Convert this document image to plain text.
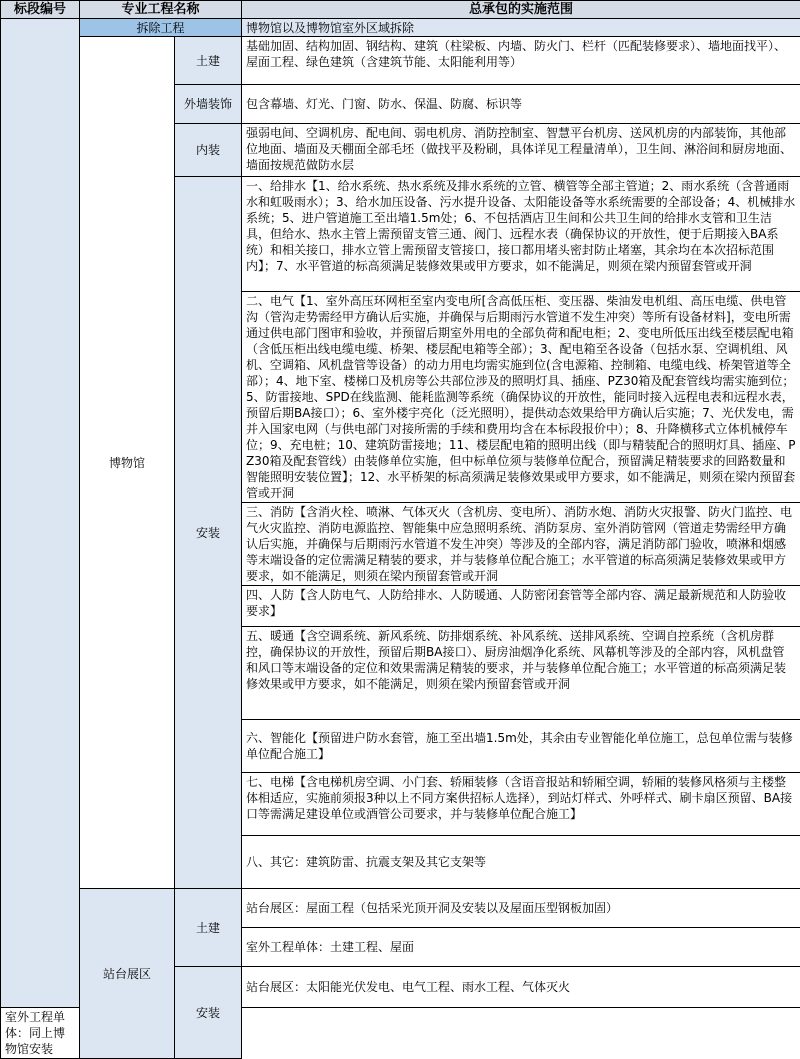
标段编号	专业工程名称		总承包的实施范围
	拆除工程		博物馆以及博物馆室外区域拆除
	博物馆	土建	基础加固、结构加固、钢结构、建筑（柱梁板、内墙、防火门、栏杆（匹配装修要求）、墙地面找平）、屋面工程、绿色建筑（含建筑节能、太阳能利用等）
		外墙装饰	包含幕墙、灯光、门窗、防水、保温、防腐、标识等
		内装	强弱电间、空调机房、配电间、弱电机房、消防控制室、智慧平台机房、送风机房的内部装饰，其他部位地面、墙面及天棚面全部毛坯（做找平及粉刷，具体详见工程量清单），卫生间、淋浴间和厨房地面、墙面按规范做防水层
		安装	一、给排水【1、给水系统、热水系统及排水系统的立管、横管等全部主管道；2、雨水系统（含普通雨水和虹吸雨水）；3、给水加压设备、污水提升设备、太阳能设备等水系统需要的全部设备；4、机械排水系统；5、进户管道施工至出墙1.5m处；6、不包括酒店卫生间和公共卫生间的给排水支管和卫生洁具，但给水、热水主管上需预留支管三通、阀门、远程水表（确保协议的开放性，便于后期接入BA系统）和相关接口，排水立管上需预留支管接口，接口都用堵头密封防止堵塞，其余均在本次招标范围内】；7、水平管道的标高须满足装修效果或甲方要求，如不能满足，则须在梁内预留套管或开洞
			二、电气【1、室外高压环网柜至室内变电所[含高低压柜、变压器、柴油发电机组、高压电缆、供电管沟（管沟走势需经甲方确认后实施，并确保与后期雨污水管道不发生冲突）等所有设备材料]，变电所需通过供电部门图审和验收，并预留后期室外用电的全部负荷和配电柜；2、变电所低压出线至楼层配电箱（含低压柜出线电缆电缆、桥架、楼层配电箱等全部）；3、配电箱至各设备（包括水泵、空调机组、风机、空调箱、风机盘管等设备）的动力用电均需实施到位(含电源箱、控制箱、电缆电线、桥架管道等全部）；4、地下室、楼梯口及机房等公共部位涉及的照明灯具、插座、PZ30箱及配套管线均需实施到位；5、防雷接地、SPD在线监测、能耗监测等系统（确保协议的开放性，能同时接入远程电表和远程水表，预留后期BA接口）；6、室外楼宇亮化（泛光照明），提供动态效果给甲方确认后实施；7、光伏发电，需并入国家电网（与供电部门对接所需的手续和费用均含在本标段报价中）；8、升降横移式立体机械停车位；9、充电桩；10、建筑防雷接地；11、楼层配电箱的照明出线（即与精装配合的照明灯具、插座、PZ30箱及配套管线）由装修单位实施，但中标单位须与装修单位配合，预留满足精装要求的回路数量和智能照明安装位置】；12、水平桥架的标高须满足装修效果或甲方要求，如不能满足，则须在梁内预留套管或开洞
			三、消防【含消火栓、喷淋、气体灭火（含机房、变电所）、消防水炮、消防火灾报警、防火门监控、电气火灾监控、消防电源监控、智能集中应急照明系统、消防泵房、室外消防管网（管道走势需经甲方确认后实施，并确保与后期雨污水管道不发生冲突）等涉及的全部内容，满足消防部门验收，喷淋和烟感等末端设备的定位需满足精装的要求，并与装修单位配合施工；水平管道的标高须满足装修效果或甲方要求，如不能满足，则须在梁内预留套管或开洞
			四、人防【含人防电气、人防给排水、人防暖通、人防密闭套管等全部内容、满足最新规范和人防验收要求】
			五、暖通【含空调系统、新风系统、防排烟系统、补风系统、送排风系统、空调自控系统（含机房群控，确保协议的开放性，预留后期BA接口）、厨房油烟净化系统、风幕机等涉及的全部内容，风机盘管和风口等末端设备的定位和效果需满足精装的要求，并与装修单位配合施工；水平管道的标高须满足装修效果或甲方要求，如不能满足，则须在梁内预留套管或开洞
			六、智能化【预留进户防水套管，施工至出墙1.5m处，其余由专业智能化单位施工，总包单位需与装修单位配合施工】
			七、电梯【含电梯机房空调、小门套、轿厢装修（含语音报站和轿厢空调，轿厢的装修风格须与主楼整体相适应，实施前须报3种以上不同方案供招标人选择），到站灯样式、外呼样式、刷卡扇区预留、BA接口等需满足建设单位或酒管公司要求，并与装修单位配合施工】
			八、其它：建筑防雷、抗震支架及其它支架等
	站台展区	土建	站台展区：屋面工程（包括采光顶开洞及安装以及屋面压型钢板加固）
			室外工程单体：土建工程、屋面
		安装	站台展区：太阳能光伏发电、电气工程、雨水工程、气体灭火
室外工程单体：同上博物馆安装			
